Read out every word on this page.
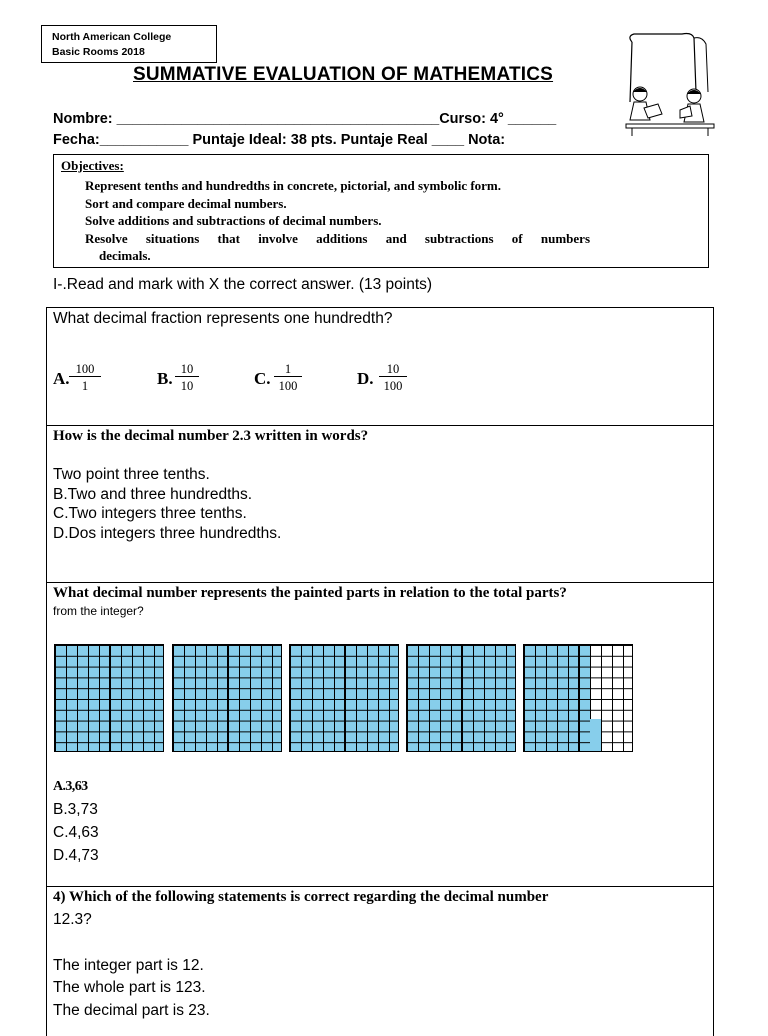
North American College
Basic Rooms 2018
SUMMATIVE EVALUATION OF MATHEMATICS
Nombre: ________________________________________Curso: 4° ______
Fecha:___________ Puntaje Ideal: 38 pts. Puntaje Real ____ Nota:
Objectives:
Represent tenths and hundredths in concrete, pictorial, and symbolic form.
Sort and compare decimal numbers.
Solve additions and subtractions of decimal numbers.
Resolve situations that involve additions and subtractions of numbers
decimals.
I-.Read and mark with X the correct answer. (13 points)
What decimal fraction represents one hundredth?
A. 100
1	B. 10
10	C.	1
100	D.	10
100
How is the decimal number 2.3 written in words?
Two point three tenths.
B.Two and three hundredths.
C.Two integers three tenths.
D.Dos integers three hundredths.
What decimal number represents the painted parts in relation to the total parts?
from the integer?
A.3,63
B.3,73
C.4,63
D.4,73
4) Which of the following statements is correct regarding the decimal number
12.3?
The integer part is 12.
The whole part is 123.
The decimal part is 23.
